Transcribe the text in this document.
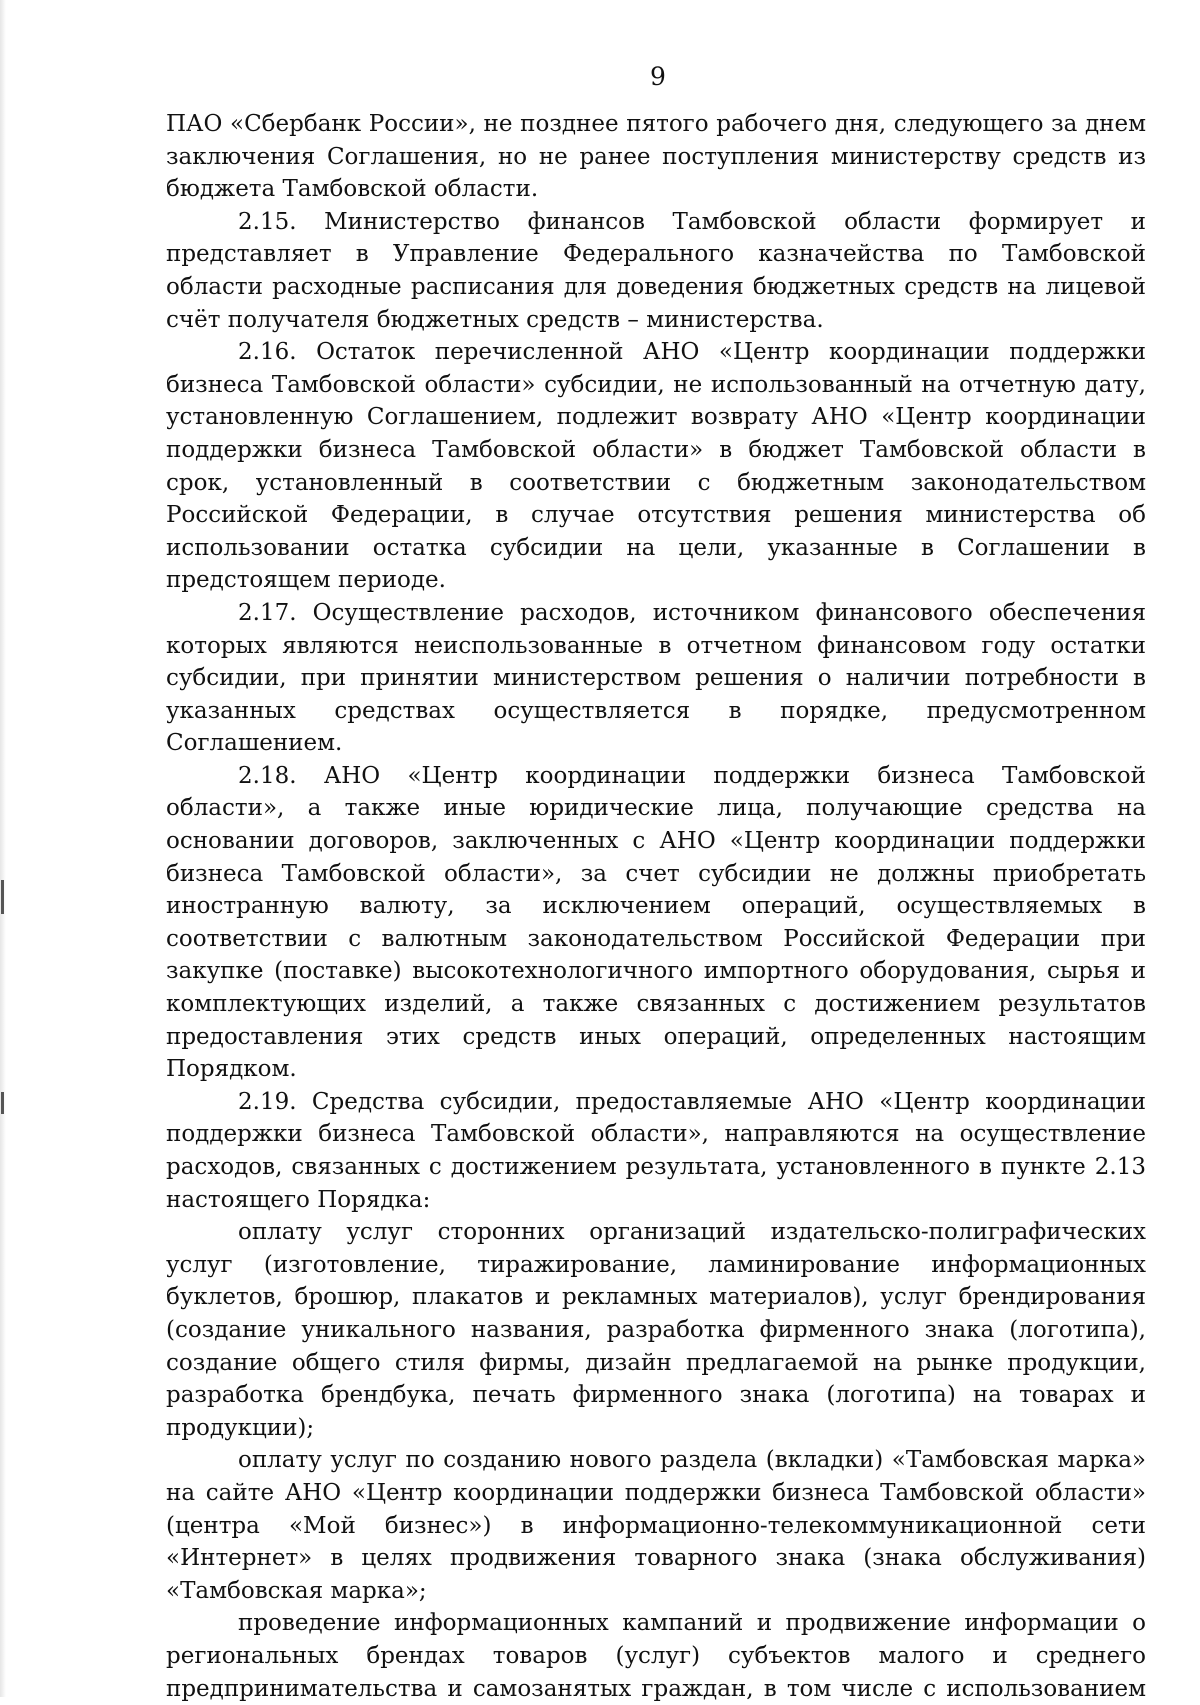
9

ПАО «Сбербанк России», не позднее пятого рабочего дня, следующего за днем заключения Соглашения, но не ранее поступления министерству средств из бюджета Тамбовской области.

2.15. Министерство финансов Тамбовской области формирует и представляет в Управление Федерального казначейства по Тамбовской области расходные расписания для доведения бюджетных средств на лицевой счёт получателя бюджетных средств – министерства.

2.16. Остаток перечисленной АНО «Центр координации поддержки бизнеса Тамбовской области» субсидии, не использованный на отчетную дату, установленную Соглашением, подлежит возврату АНО «Центр координации поддержки бизнеса Тамбовской области» в бюджет Тамбовской области в срок, установленный в соответствии с бюджетным законодательством Российской Федерации, в случае отсутствия решения министерства об использовании остатка субсидии на цели, указанные в Соглашении в предстоящем периоде.

2.17. Осуществление расходов, источником финансового обеспечения которых являются неиспользованные в отчетном финансовом году остатки субсидии, при принятии министерством решения о наличии потребности в указанных средствах осуществляется в порядке, предусмотренном Соглашением.

2.18. АНО «Центр координации поддержки бизнеса Тамбовской области», а также иные юридические лица, получающие средства на основании договоров, заключенных с АНО «Центр координации поддержки бизнеса Тамбовской области», за счет субсидии не должны приобретать иностранную валюту, за исключением операций, осуществляемых в соответствии с валютным законодательством Российской Федерации при закупке (поставке) высокотехнологичного импортного оборудования, сырья и комплектующих изделий, а также связанных с достижением результатов предоставления этих средств иных операций, определенных настоящим Порядком.

2.19. Средства субсидии, предоставляемые АНО «Центр координации поддержки бизнеса Тамбовской области», направляются на осуществление расходов, связанных с достижением результата, установленного в пункте 2.13 настоящего Порядка:

оплату услуг сторонних организаций издательско-полиграфических услуг (изготовление, тиражирование, ламинирование информационных буклетов, брошюр, плакатов и рекламных материалов), услуг брендирования (создание уникального названия, разработка фирменного знака (логотипа), создание общего стиля фирмы, дизайн предлагаемой на рынке продукции, разработка брендбука, печать фирменного знака (логотипа) на товарах и продукции);

оплату услуг по созданию нового раздела (вкладки) «Тамбовская марка» на сайте АНО «Центр координации поддержки бизнеса Тамбовской области» (центра «Мой бизнес») в информационно-телекоммуникационной сети «Интернет» в целях продвижения товарного знака (знака обслуживания) «Тамбовская марка»;

проведение информационных кампаний и продвижение информации о региональных брендах товаров (услуг) субъектов малого и среднего предпринимательства и самозанятых граждан, в том числе с использованием
